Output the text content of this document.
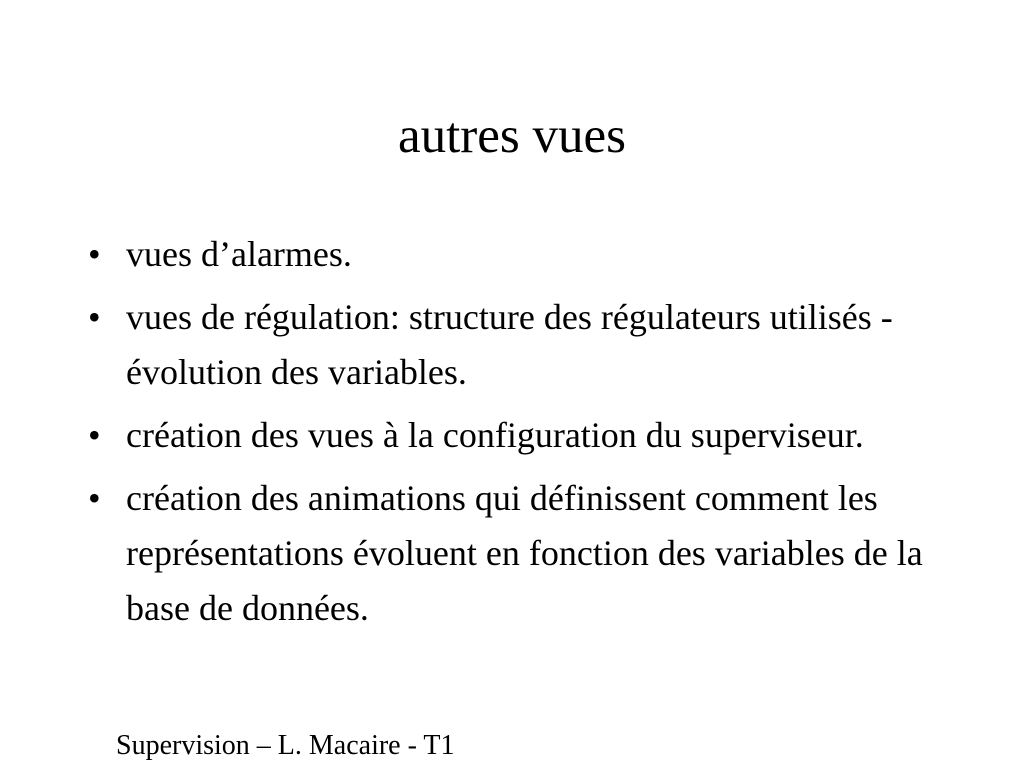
autres vues
• vues d’alarmes.
• vues de régulation: structure des régulateurs utilisés - évolution des variables.
• création des vues à la configuration du superviseur.
• création des animations qui définissent comment les représentations évoluent en fonction des variables de la base de données.
Supervision – L. Macaire - T1
